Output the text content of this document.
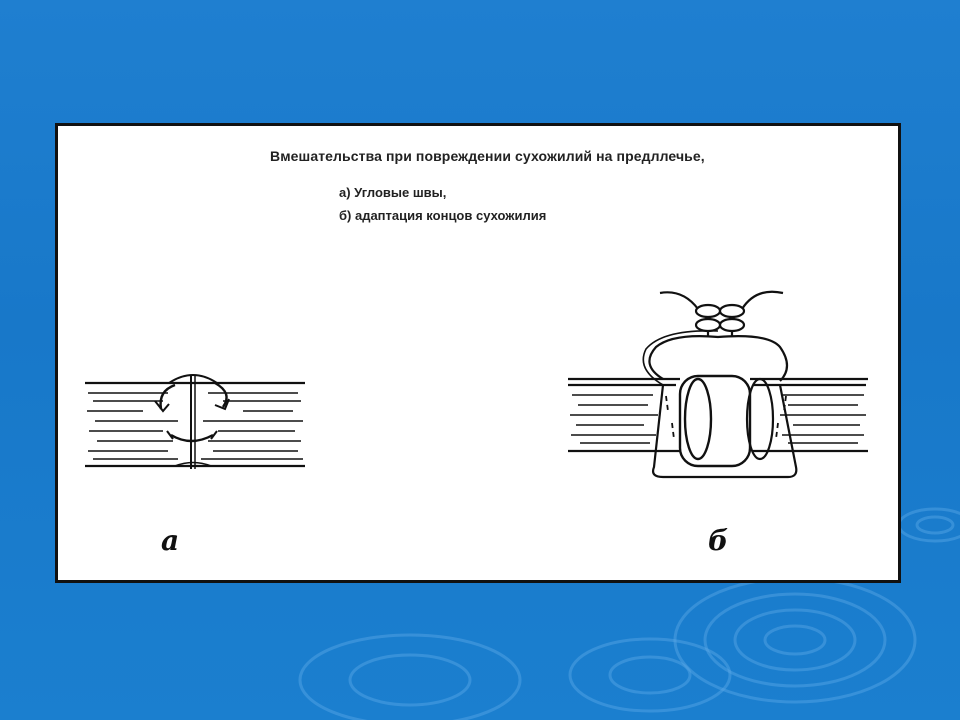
Вмешательства при повреждении сухожилий на предллечье,
а) Угловые швы,
б) адаптация концов сухожилия
а	б
